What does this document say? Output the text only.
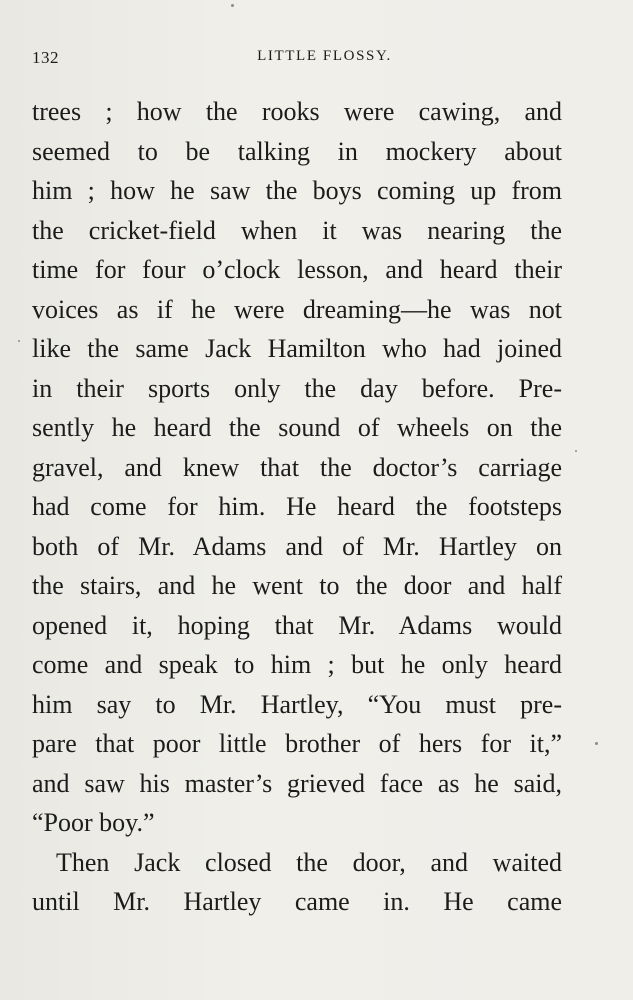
132	LITTLE FLOSSY.
trees ; how the rooks were cawing, and
seemed to be talking in mockery about
him ; how he saw the boys coming up from
the cricket-field when it was nearing the
time for four o’clock lesson, and heard their
voices as if he were dreaming—he was not
like the same Jack Hamilton who had joined
in their sports only the day before. Pre-
sently he heard the sound of wheels on the
gravel, and knew that the doctor’s carriage
had come for him. He heard the footsteps
both of Mr. Adams and of Mr. Hartley on
the stairs, and he went to the door and half
opened it, hoping that Mr. Adams would
come and speak to him ; but he only heard
him say to Mr. Hartley, “You must pre-
pare that poor little brother of hers for it,”
and saw his master’s grieved face as he said,
“Poor boy.”
Then Jack closed the door, and waited
until Mr. Hartley came in. He came
